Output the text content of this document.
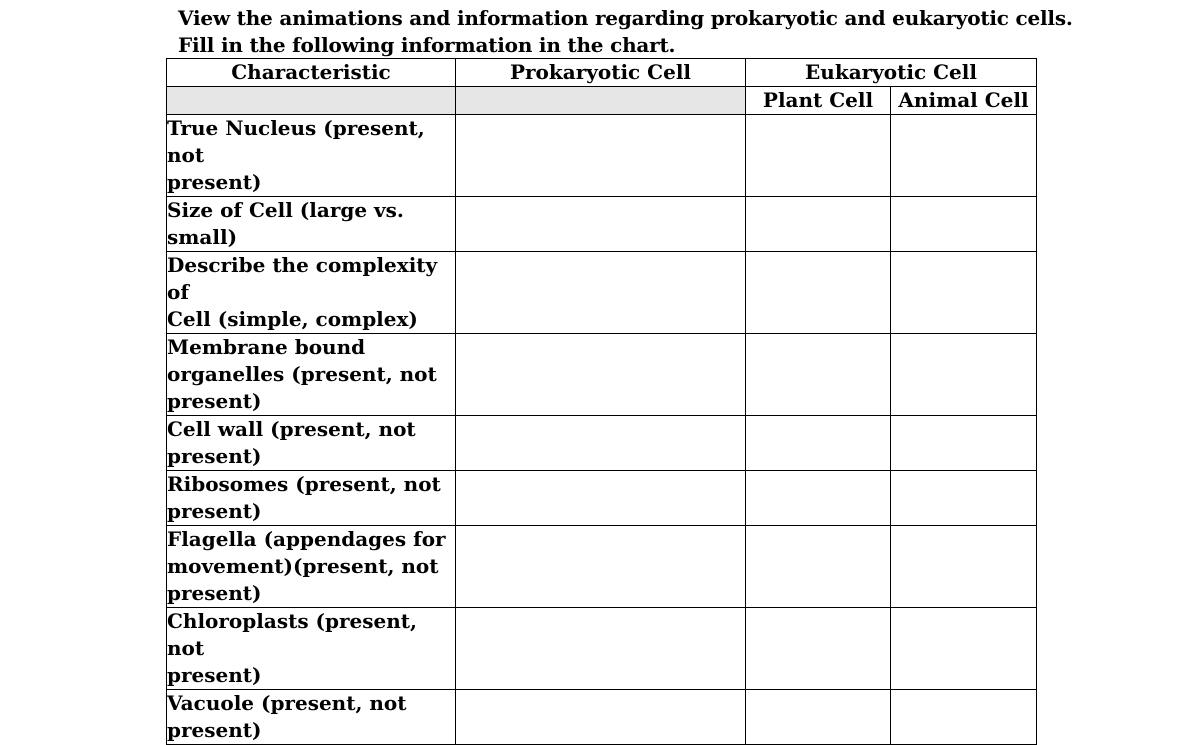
View the animations and information regarding prokaryotic and eukaryotic cells.
Fill in the following information in the chart.
Characteristic	Prokaryotic Cell	Eukaryotic Cell	
		Plant Cell	Animal Cell

True Nucleus (present, not
present)			

Size of Cell (large vs.
small)			

Describe the complexity of
Cell (simple, complex)			

Membrane bound
organelles (present, not
present)			

Cell wall (present, not
present)			

Ribosomes (present, not
present)			

Flagella (appendages for
movement)(present, not
present)			

Chloroplasts (present, not
present)			

Vacuole (present, not
present)			
